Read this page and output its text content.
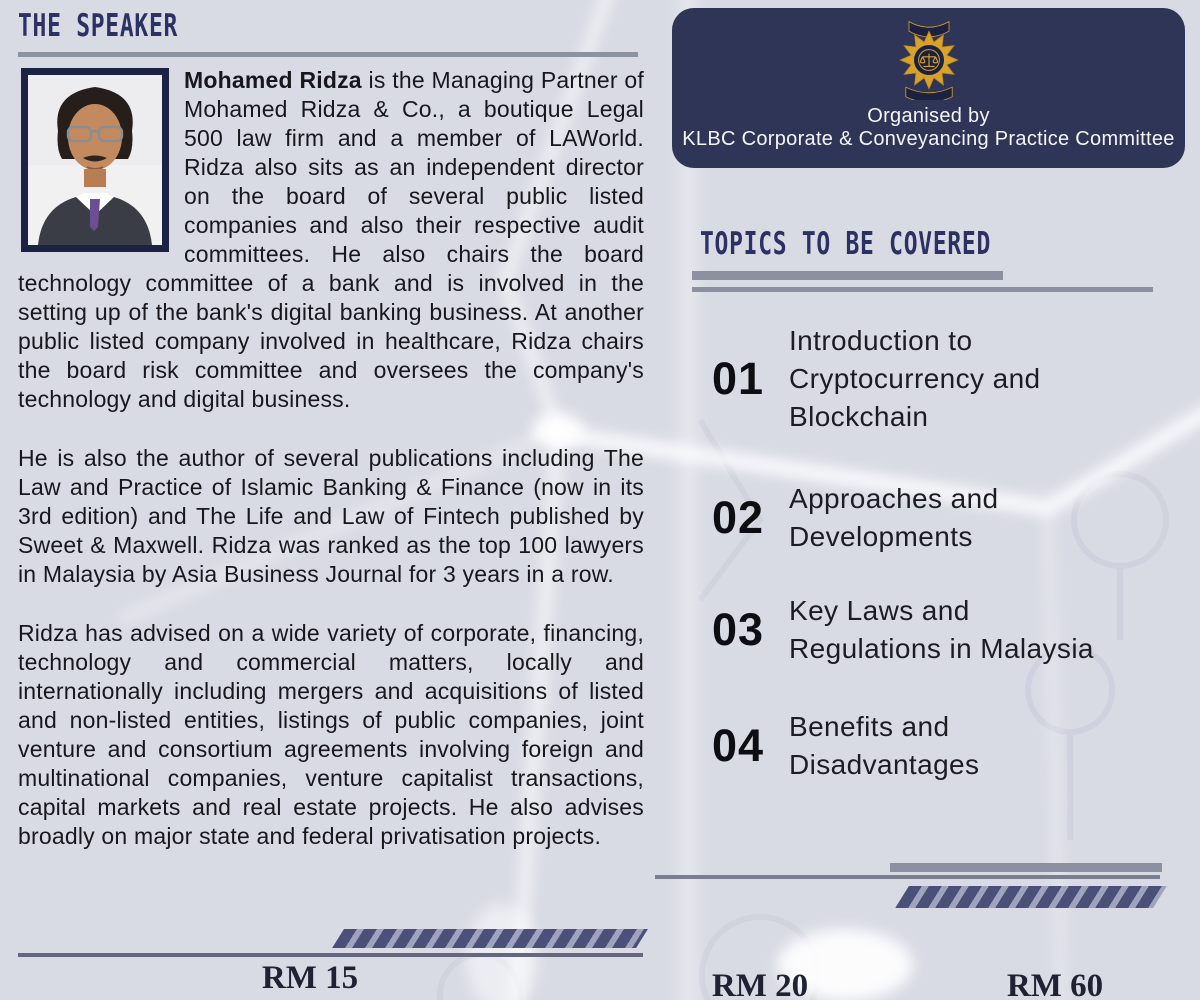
THE SPEAKER

Mohamed Ridza is the Managing Partner of Mohamed Ridza & Co., a boutique Legal 500 law firm and a member of LAWorld. Ridza also sits as an independent director on the board of several public listed companies and also their respective audit committees. He also chairs the board technology committee of a bank and is involved in the setting up of the bank's digital banking business. At another public listed company involved in healthcare, Ridza chairs the board risk committee and oversees the company's technology and digital business.

He is also the author of several publications including The Law and Practice of Islamic Banking & Finance (now in its 3rd edition) and The Life and Law of Fintech published by Sweet & Maxwell. Ridza was ranked as the top 100 lawyers in Malaysia by Asia Business Journal for 3 years in a row.

Ridza has advised on a wide variety of corporate, financing, technology and commercial matters, locally and internationally including mergers and acquisitions of listed and non-listed entities, listings of public companies, joint venture and consortium agreements involving foreign and multinational companies, venture capitalist transactions, capital markets and real estate projects. He also advises broadly on major state and federal privatisation projects.

RM 15
Organised by
KLBC Corporate & Conveyancing Practice Committee
TOPICS TO BE COVERED
01
Introduction to
Cryptocurrency and
Blockchain
02 Approaches and
Developments
03 Key Laws and
Regulations in Malaysia
04 Benefits and
Disadvantages
RM 20	RM 60
